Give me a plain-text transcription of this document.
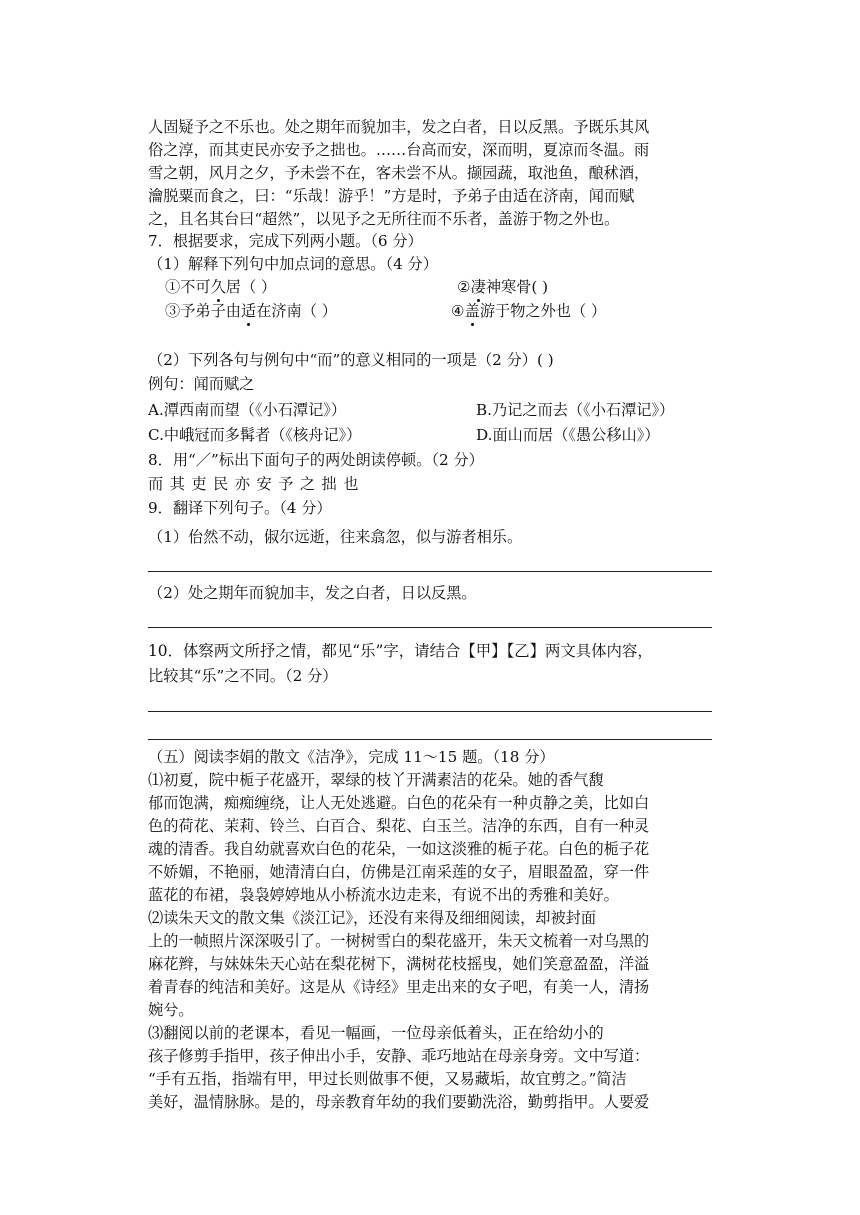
人固疑予之不乐也。处之期年而貌加丰，发之白者，日以反黑。予既乐其风
俗之淳，而其吏民亦安予之拙也。……台高而安，深而明，夏凉而冬温。雨
雪之朝，风月之夕，予未尝不在，客未尝不从。撷园蔬，取池鱼，酿秫酒，
瀹脱粟而食之，曰：“乐哉！游乎！”方是时，予弟子由适在济南，闻而赋
之，且名其台曰“超然”，以见予之无所往而不乐者，盖游于物之外也。
7．根据要求，完成下列两小题。（6 分）
（1）解释下列句中加点词的意思。（4 分）
①不可久居（ ）	②凄神寒骨( )
③予弟子由适在济南（ ）	④盖游于物之外也（ ）
（2）下列各句与例句中“而”的意义相同的一项是（2 分）( )
例句：闻而赋之
A.潭西南而望（《小石潭记》）	B.乃记之而去（《小石潭记》）
C.中峨冠而多髯者（《核舟记》）	D.面山而居（《愚公移山》）
8．用“／”标出下面句子的两处朗读停顿。（2 分）
而其吏民亦安予之拙也
9．翻译下列句子。（4 分）
（1）佁然不动，俶尔远逝，往来翕忽，似与游者相乐。
（2）处之期年而貌加丰，发之白者，日以反黑。
10．体察两文所抒之情，都见“乐”字，请结合【甲】【乙】两文具体内容，
比较其“乐”之不同。（2 分）
（五）阅读李娟的散文《洁净》，完成 11～15 题。（18 分）
⑴初夏，院中栀子花盛开，翠绿的枝丫开满素洁的花朵。她的香气馥
郁而饱满，痴痴缠绕，让人无处逃避。白色的花朵有一种贞静之美，比如白
色的荷花、茉莉、铃兰、白百合、梨花、白玉兰。洁净的东西，自有一种灵
魂的清香。我自幼就喜欢白色的花朵，一如这淡雅的栀子花。白色的栀子花
不娇媚，不艳丽，她清清白白，仿佛是江南采莲的女子，眉眼盈盈，穿一件
蓝花的布裙，袅袅婷婷地从小桥流水边走来，有说不出的秀雅和美好。
⑵读朱天文的散文集《淡江记》，还没有来得及细细阅读，却被封面
上的一帧照片深深吸引了。一树树雪白的梨花盛开，朱天文梳着一对乌黑的
麻花辫，与妹妹朱天心站在梨花树下，满树花枝摇曳，她们笑意盈盈，洋溢
着青春的纯洁和美好。这是从《诗经》里走出来的女子吧，有美一人，清扬
婉兮。
⑶翻阅以前的老课本，看见一幅画，一位母亲低着头，正在给幼小的
孩子修剪手指甲，孩子伸出小手，安静、乖巧地站在母亲身旁。文中写道：
“手有五指，指端有甲，甲过长则做事不便，又易藏垢，故宜剪之。”简洁
美好，温情脉脉。是的，母亲教育年幼的我们要勤洗浴，勤剪指甲。人要爱
